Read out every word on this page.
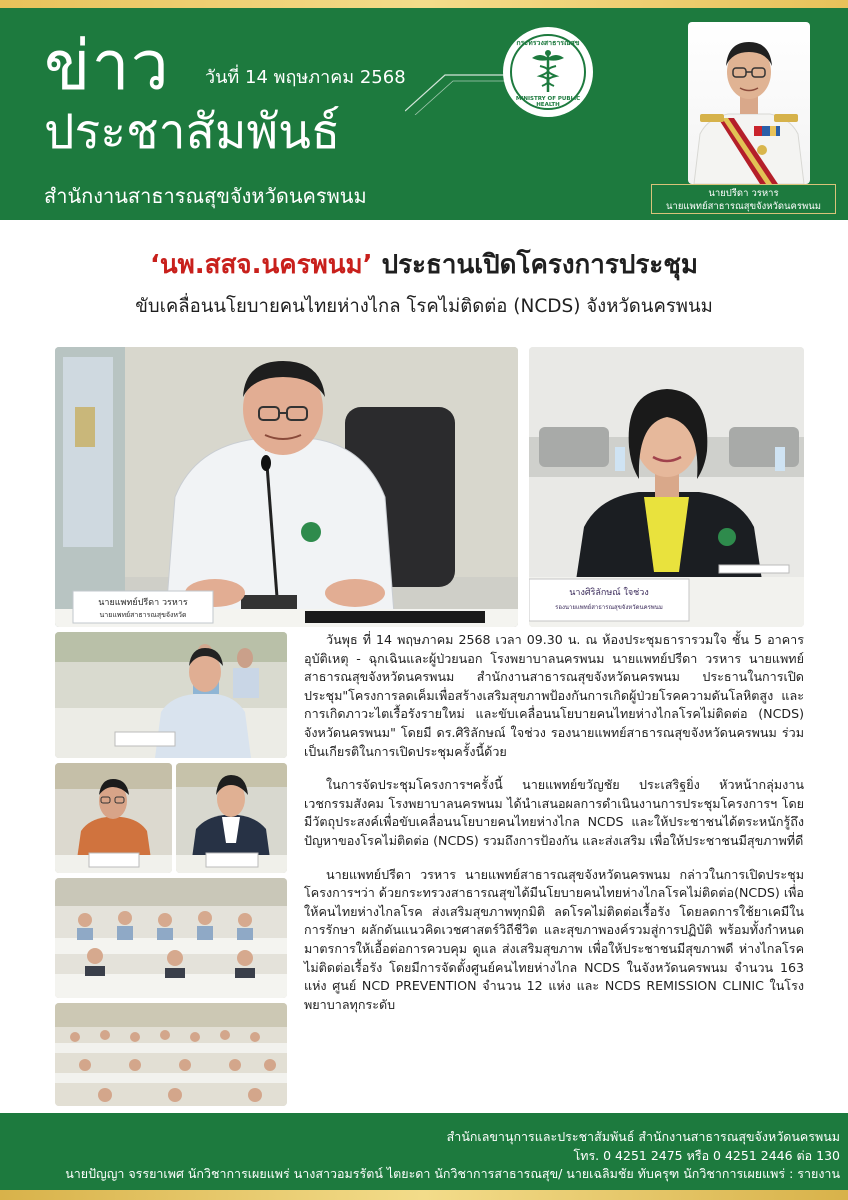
ข่าว วันที่ 14 พฤษภาคม 2568
ประชาสัมพันธ์
สำนักงานสาธารณสุขจังหวัดนครพนม
กระทรวงสาธารณสุข
MINISTRY OF PUBLIC HEALTH
นายปรีดา วรหาร
นายแพทย์สาธารณสุขจังหวัดนครพนม
‘นพ.สสจ.นครพนม’ ประธานเปิดโครงการประชุม
ขับเคลื่อนนโยบายคนไทยห่างไกล โรคไม่ติดต่อ (NCDS) จังหวัดนครพนม
นายแพทย์ปรีดา วรหาร
นายแพทย์สาธารณสุขจังหวัด
นางศิริลักษณ์ ใจช่วง
รองนายแพทย์สาธารณสุขจังหวัดนครพนม

วันพุธ ที่ 14 พฤษภาคม 2568 เวลา 09.30 น. ณ ห้องประชุมธารารวมใจ ชั้น 5 อาคารอุบัติเหตุ - ฉุกเฉินและผู้ป่วยนอก โรงพยาบาลนครพนม นายแพทย์ปรีดา วรหาร นายแพทย์สาธารณสุขจังหวัดนครพนม สำนักงานสาธารณสุขจังหวัดนครพนม ประธานในการเปิดประชุม"โครงการลดเค็มเพื่อสร้างเสริมสุขภาพป้องกันการเกิดผู้ป่วยโรคความดันโลหิตสูง และการเกิดภาวะไตเรื้อรังรายใหม่ และขับเคลื่อนนโยบายคนไทยห่างไกลโรคไม่ติดต่อ (NCDS) จังหวัดนครพนม" โดยมี ดร.ศิริลักษณ์ ใจช่วง รองนายแพทย์สาธารณสุขจังหวัดนครพนม ร่วมเป็นเกียรติในการเปิดประชุมครั้งนี้ด้วย

ในการจัดประชุมโครงการฯครั้งนี้ นายแพทย์ขวัญชัย ประเสริฐยิ่ง หัวหน้ากลุ่มงานเวชกรรมสังคม โรงพยาบาลนครพนม ได้นำเสนอผลการดำเนินงานการประชุมโครงการฯ โดยมีวัตถุประสงค์เพื่อขับเคลื่อนนโยบายคนไทยห่างไกล NCDS และให้ประชาชนได้ตระหนักรู้ถึงปัญหาของโรคไม่ติดต่อ (NCDS) รวมถึงการป้องกัน และส่งเสริม เพื่อให้ประชาชนมีสุขภาพที่ดี

นายแพทย์ปรีดา วรหาร นายแพทย์สาธารณสุขจังหวัดนครพนม กล่าวในการเปิดประชุมโครงการฯว่า ด้วยกระทรวงสาธารณสุขได้มีนโยบายคนไทยห่างไกลโรคไม่ติดต่อ(NCDS) เพื่อให้คนไทยห่างไกลโรค ส่งเสริมสุขภาพทุกมิติ ลดโรคไม่ติดต่อเรื้อรัง โดยลดการใช้ยาเคมีในการรักษา ผลักดันแนวคิดเวชศาสตร์วิถีชีวิต และสุขภาพองค์รวมสู่การปฏิบัติ พร้อมทั้งกำหนดมาตรการให้เอื้อต่อการควบคุม ดูแล ส่งเสริมสุขภาพ เพื่อให้ประชาชนมีสุขภาพดี ห่างไกลโรคไม่ติดต่อเรื้อรัง โดยมีการจัดตั้งศูนย์คนไทยห่างไกล NCDS ในจังหวัดนครพนม จำนวน 163 แห่ง ศูนย์ NCD PREVENTION จำนวน 12 แห่ง และ NCDS REMISSION CLINIC ในโรงพยาบาลทุกระดับ

สำนักเลขานุการและประชาสัมพันธ์ สำนักงานสาธารณสุขจังหวัดนครพนม
โทร. 0 4251 2475 หรือ 0 4251 2446 ต่อ 130
นายปัญญา จรรยาเพศ นักวิชาการเผยแพร่ นางสาวอมรรัตน์ ไตยะดา นักวิชาการสาธารณสุข/ นายเฉลิมชัย ทับครุฑ นักวิชาการเผยแพร่ : รายงาน
